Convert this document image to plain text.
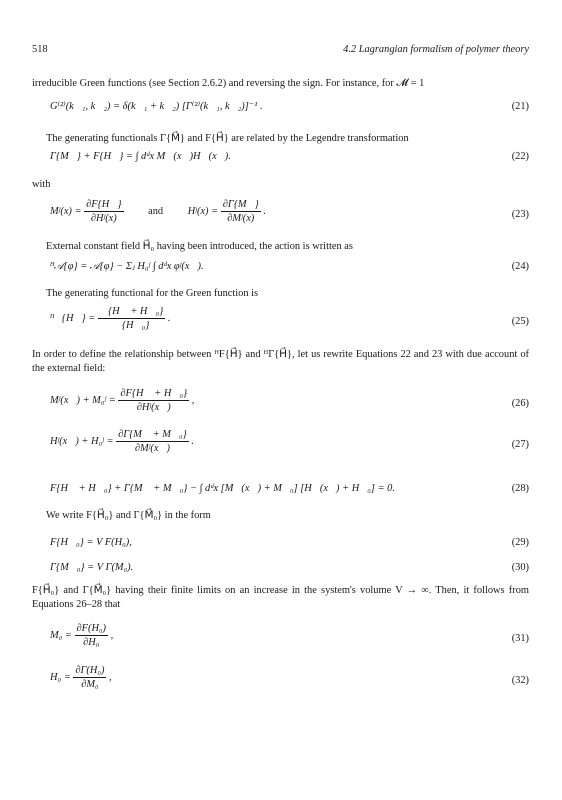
518	4.2 Lagrangian formalism of polymer theory
irreducible Green functions (see Section 2.6.2) and reversing the sign. For instance, for 𝓜 = 1
G⁽²⁾(k⃗₁, k⃗₂) = δ(k⃗₁ + k⃗₂) [Γ⁽²⁾(k⃗₁, k⃗₂)]⁻¹ .	(21)
The generating functionals Γ{M⃗} and F{H⃗} are related by the Legendre transformation
Γ{M⃗} + F{H⃗} = ∫ dᵈx M⃗(x⃗)H⃗(x⃗).	(22)
with
Mʲ(x) = $\frac{\partial F\{H⃗\}}{\text{∂Hʲ(x)}}$ and Hʲ(x) = $\frac{\partial\Gamma\{M⃗\}}{\text{∂Mʲ(x)}}$ .	(23)
External constant field H⃗₀ having been introduced, the action is written as
ᴴ𝒜{φ} = 𝒜{φ} − Σⱼ H₀ʲ ∫ dᵈx φʲ(x⃗).	(24)
The generating functional for the Green function is
ᴴ𝒵{H⃗} = $\frac{\text{𝒵\{H⃗ + H⃗₀\}}}{\text{𝒵\{H⃗₀\}}}$ .	(25)
In order to define the relationship between ᴴF{H⃗} and ᴴΓ{H⃗}, let us rewrite Equations 22 and 23 with due account of the external field:
Mʲ(x⃗) + M₀ʲ = $\frac{\text{∂F\{H⃗ + H⃗₀\}}}{\text{∂Hʲ(x⃗)}}$ ,	(26)
Hʲ(x⃗) + H₀ʲ = $\frac{\text{∂Γ\{M⃗ + M⃗₀\}}}{\text{∂Mʲ(x⃗)}}$ .	(27)
F{H⃗ + H⃗₀} + Γ{M⃗ + M⃗₀} − ∫ dᵈx [M⃗(x⃗) + M⃗₀] [H⃗(x⃗) + H⃗₀] = 0.	(28)
We write F{H⃗₀} and Γ{M⃗₀} in the form
F{H⃗₀} = V F(H₀),	(29)
Γ{M⃗₀} = V Γ(M₀).	(30)
F{H⃗₀} and Γ{M⃗₀} having their finite limits on an increase in the system's volume V → ∞. Then, it follows from Equations 26–28 that
$M_0 = \frac{\text{∂F(H₀)}}{\text{∂H₀}}$ ,	(31)
$H_0 = \frac{\text{∂Γ(H₀)}}{\text{∂M₀}}$ ,	(32)
